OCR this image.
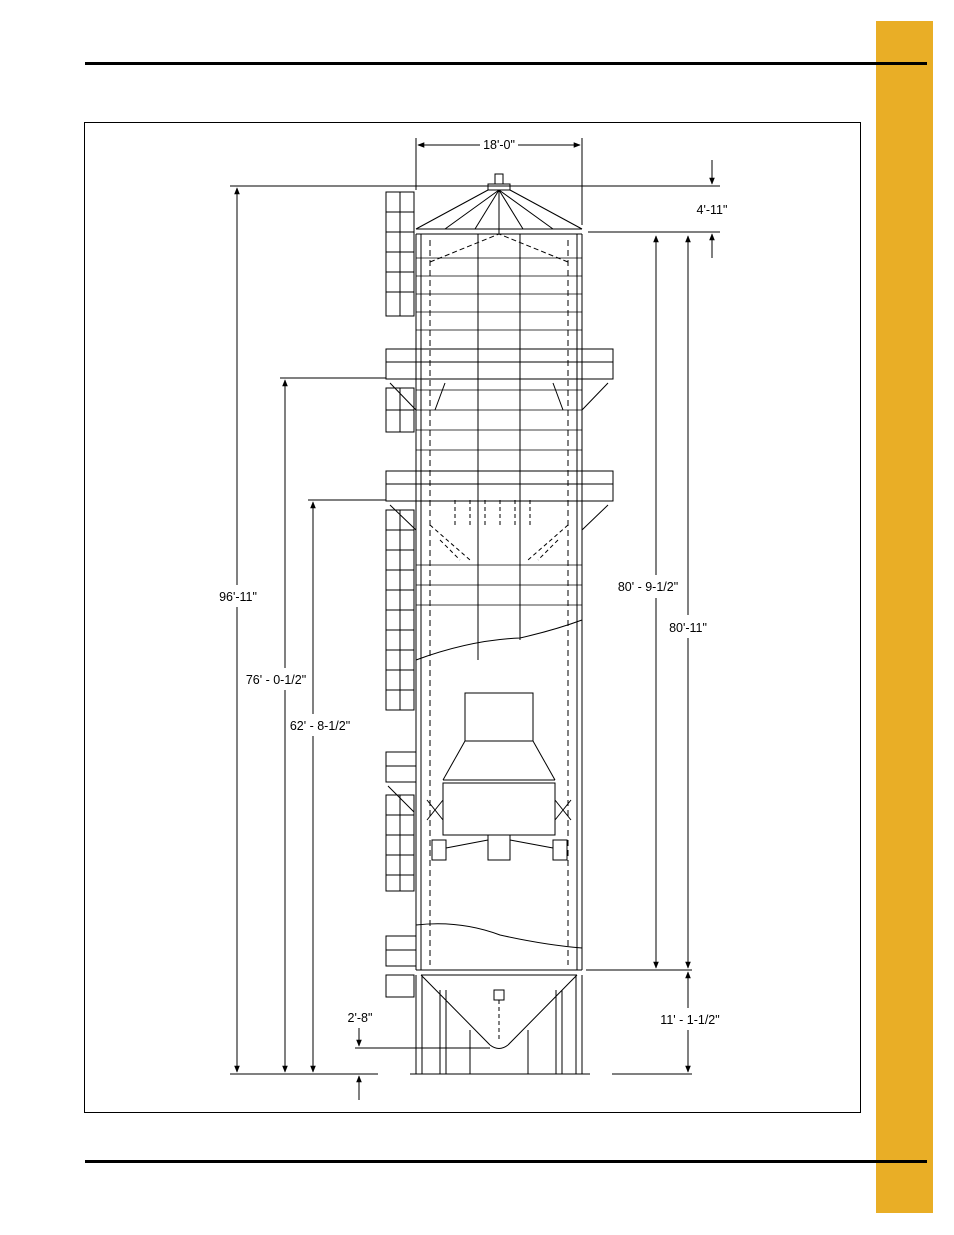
18'-0"
4'-11"
96'-11"
76' - 0-1/2"
62' - 8-1/2"
80' - 9-1/2"
80'-11"
2'-8"	11' - 1-1/2"
